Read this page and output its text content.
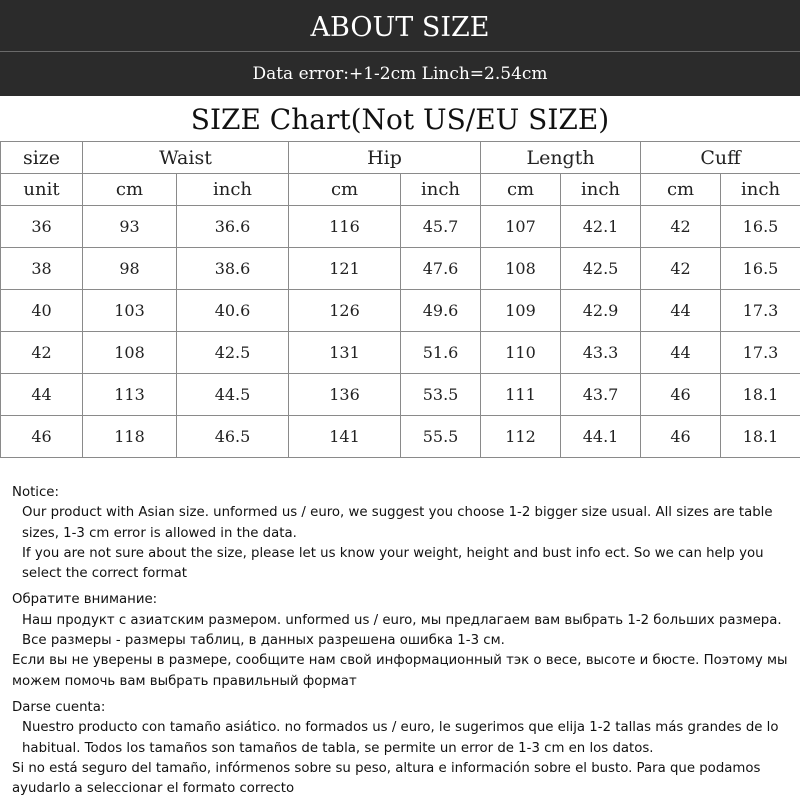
ABOUT SIZE
Data error:+1-2cm Linch=2.54cm
SIZE Chart(Not US/EU SIZE)
size	Waist		Hip		Length		Cuff	
unit	cm	inch	cm	inch	cm	inch	cm	inch
36	93	36.6	116	45.7	107	42.1	42	16.5
38	98	38.6	121	47.6	108	42.5	42	16.5
40	103	40.6	126	49.6	109	42.9	44	17.3
42	108	42.5	131	51.6	110	43.3	44	17.3
44	113	44.5	136	53.5	111	43.7	46	18.1
46	118	46.5	141	55.5	112	44.1	46	18.1

Notice:

Our product with Asian size. unformed us / euro, we suggest you choose 1-2 bigger size usual. All sizes are table sizes, 1-3 cm error is allowed in the data.

If you are not sure about the size, please let us know your weight, height and bust info ect. So we can help you select the correct format

Обратите внимание:

Наш продукт с азиатским размером. unformed us / euro, мы предлагаем вам выбрать 1-2 больших размера. Все размеры - размеры таблиц, в данных разрешена ошибка 1-3 см.

Если вы не уверены в размере, сообщите нам свой информационный тэк о весе, высоте и бюсте. Поэтому мы можем помочь вам выбрать правильный формат

Darse cuenta:

Nuestro producto con tamaño asiático. no formados us / euro, le sugerimos que elija 1-2 tallas más grandes de lo habitual. Todos los tamaños son tamaños de tabla, se permite un error de 1-3 cm en los datos.

Si no está seguro del tamaño, infórmenos sobre su peso, altura e información sobre el busto. Para que podamos ayudarlo a seleccionar el formato correcto
